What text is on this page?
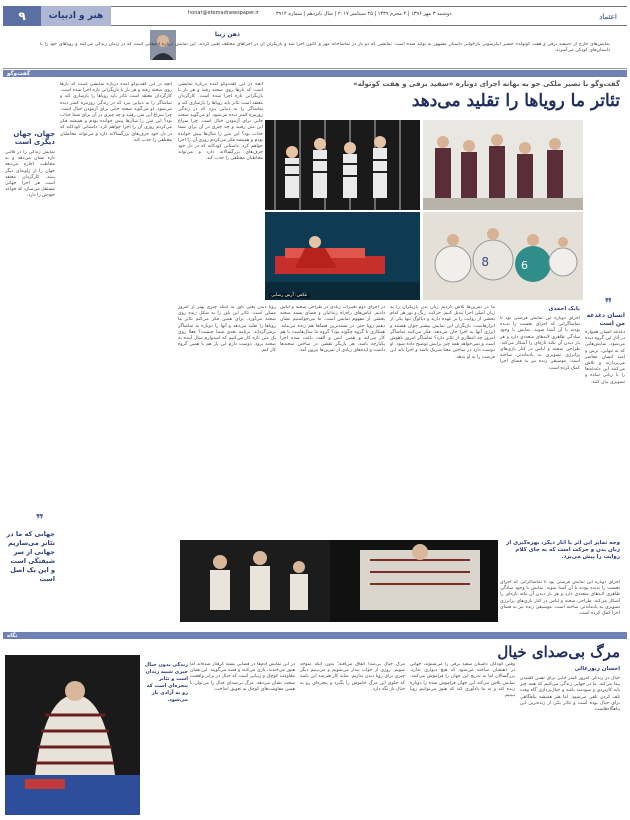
۹	هنر و ادبیات	honar@etemadnewspaper.ir	دوشنبه ۳ مهر ۱۳۹۶ | ۴ محرم ۱۴۳۹ | ۲۵ سپتامبر ۲۰۱۷ | سال پانزدهم | شماره ۳۹۱۴	اعتماد
ذهن زیبا
نمایش‌های خارج از «سفید برفی و هفت کوتوله» جسپر ایکرسونی بازخوانی داستان مشهور به تولید شده است. نمایشی که دو بار در تماشاخانه مهر و کانون اجرا شد و بازیگران آن در اجراهای مختلف تغییر کردند. این نمایش درباره آدم‌هایی است که در زندان زندگی می‌کنند و رویاهای خود را با داستان‌های کودکی می‌آمیزند.
گفت‌وگو
گفت‌وگو با نصیر ملکی جو به بهانه اجرای دوباره «سفید برفی و هفت کوتوله»
تئاتر ما رویاها را تقلید می‌دهد
عکس: آرش رضایی
8	6
آنچه در این گفت‌وگو آمده درباره نمایشی است که بارها روی صحنه رفته و هر بار با بازیگرانی تازه اجرا شده است. کارگردان معتقد است تئاتر باید رویاها را بازسازی کند و تماشاگر را به دنیایی ببرد که در زندگی روزمره کمتر دیده می‌شود. او می‌گوید صحنه جایی برای آزمودن خیال است. چرا سراغ این متن رفتید و چه چیزی در آن برای شما جذاب بود؟ این متن را سال‌ها پیش خوانده بودم و همیشه فکر می‌کردم روزی آن را اجرا خواهم کرد. داستانی کودکانه که در دل خود حرف‌های بزرگسالانه دارد و می‌تواند مخاطبان مختلفی را جذب کند.
ما در تمرین‌ها تلاش کردیم زبان بدن بازیگران را به زبان اصلی اجرا تبدیل کنیم. حرکت، رنگ و نور هر کدام بخشی از روایت را بر عهده دارند و دیالوگ تنها یکی از ابزارهاست. بازیگران این نمایش بیشتر جوان هستند و انرژی آنها به اجرا جان می‌دهد. فکر می‌کنید تماشاگر امروز چه انتظاری از تئاتر دارد؟ تماشاگر امروز باهوش است و نمی‌خواهد همه چیز برایش توضیح داده شود. او دوست دارد در ساختن معنا شریک باشد و اجرا باید این فرصت را به او بدهد.
در اجرای دوم تغییرات زیادی در طراحی صحنه و لباس دادیم. لباس‌های راه‌راه زندانیان و فضای بسته صحنه بخشی از مفهوم نمایش است. ما می‌خواستیم نشان دهیم رویا حتی در بسته‌ترین فضاها هم زنده می‌ماند. همکاری با گروه چگونه بود؟ گروه ما سال‌هاست با هم کار می‌کند و همین انس و الفت باعث شده اجرا یکپارچه باشد. هر بازیگر نقشی در ساختن صحنه‌ها داشت و ایده‌های زیادی از تمرین‌ها بیرون آمد.
رویا دیدن یعنی باور به اینکه چیزی بهتر از امروز ممکن است. تئاتر این باور را به شکل زنده روی صحنه می‌آورد. برای همین فکر می‌کنم تئاتر ما رویاها را تقلید می‌دهد و آنها را دوباره به تماشاگر برمی‌گرداند. برنامه بعدی شما چیست؟ فعلا روی یک متن تازه کار می‌کنیم که امیدوارم سال آینده به صحنه برود. دوست دارم این بار هم با همین گروه کار کنم.
جهان، جهان دیگری است
نمایش زندگی را در قالبی تازه نشان می‌دهد و به مخاطب اجازه می‌دهد جهان را از زاویه‌ای دیگر ببیند. کارگردان معتقد است هر اجرا جهانی مستقل می‌سازد که قواعد خودش را دارد.
آنچه در این گفت‌وگو آمده درباره نمایشی است که بارها روی صحنه رفته و هر بار با بازیگرانی تازه اجرا شده است. کارگردان معتقد است تئاتر باید رویاها را بازسازی کند و تماشاگر را به دنیایی ببرد که در زندگی روزمره کمتر دیده می‌شود. او می‌گوید صحنه جایی برای آزمودن خیال است. چرا سراغ این متن رفتید و چه چیزی در آن برای شما جذاب بود؟ این متن را سال‌ها پیش خوانده بودم و همیشه فکر می‌کردم روزی آن را اجرا خواهم کرد. داستانی کودکانه که در دل خود حرف‌های بزرگسالانه دارد و می‌تواند مخاطبان مختلفی را جذب کند.
❞
جهانی که ما در تئاتر می‌سازیم جهانی از سر شیفتگی است و این یک اصل است
❞
انسان دغدغه من است
دغدغه انسان همواره در آثار این گروه دیده می‌شود. نمایش‌هایی که به تنهایی، ترس و امید انسان معاصر می‌پردازند و تلاش می‌کنند این دغدغه‌ها را با زبانی ساده و تصویری بیان کنند.
بابک احمدی
اجرای دوباره این نمایش فرصتی بود تا تماشاگرانی که اجرای نخست را ندیده بودند با آن آشنا شوند. نمایش با وجود سادگی ظاهری لایه‌های متعددی دارد و هر بار دیدن آن نکته تازه‌ای را آشکار می‌کند. طراحی صحنه و لباس در کنار بازی‌های پرانرژی تصویری به یادماندنی ساخته است. موسیقی زنده نیز به فضای اجرا کمک کرده است.
وجه تمایز این اثر با آثار دیگر، بهره‌گیری از زبان بدن و حرکت است که به جای کلام روایت را پیش می‌برد.
اجرای دوباره این نمایش فرصتی بود تا تماشاگرانی که اجرای نخست را ندیده بودند با آن آشنا شوند. نمایش با وجود سادگی ظاهری لایه‌های متعددی دارد و هر بار دیدن آن نکته تازه‌ای را آشکار می‌کند. طراحی صحنه و لباس در کنار بازی‌های پرانرژی تصویری به یادماندنی ساخته است. موسیقی زنده نیز به فضای اجرا کمک کرده است.
نگاه
مرگ بی‌صدای خیال
احسان زیورعالی
خیال در زندگی امروز کمتر جایی برای نفس کشیدن پیدا می‌کند. ما در جهانی زندگی می‌کنیم که همه چیز باید کاربردی و سودمند باشد و خیال‌پردازی گاه وقت تلف کردن تلقی می‌شود. اما هنر همیشه پناهگاهی برای خیال بوده است و تئاتر یکی از زنده‌ترین این پناهگاه‌هاست.
وقتی کودکان داستان سفید برفی را می‌شنوند، جهانی در ذهنشان ساخته می‌شود که هیچ دیواری ندارد. بزرگسالان اما به تدریج این جهان را فراموش می‌کنند. نمایش تلاش می‌کند این جهان فراموش شده را دوباره زنده کند و به ما یادآوری کند که هنوز می‌توانیم رویا ببینیم.
مرگ خیال بی‌صدا اتفاق می‌افتد؛ بدون آنکه متوجه شویم. روزی از خواب بیدار می‌شویم و می‌بینیم دیگر چیزی برای رویا دیدن نداریم. شاید کار هنرمند این باشد که جلوی این مرگ خاموش را بگیرد و پنجره‌ای رو به خیال باز نگه دارد.
در این نمایش آدم‌ها در فضایی بسته گرفتار شده‌اند اما هنوز می‌خندند، بازی می‌کنند و قصه می‌گویند. این همان مقاومت کوچک و زیبایی است که خیال در برابر واقعیت سخت نشان می‌دهد. مرگ بی‌صدای خیال را می‌توان با همین مقاومت‌های کوچک به تعویق انداخت.
زندگی بدون خیال چیزی شبیه زندان است و تئاتر پنجره‌ای است که رو به آزادی باز می‌شود.
